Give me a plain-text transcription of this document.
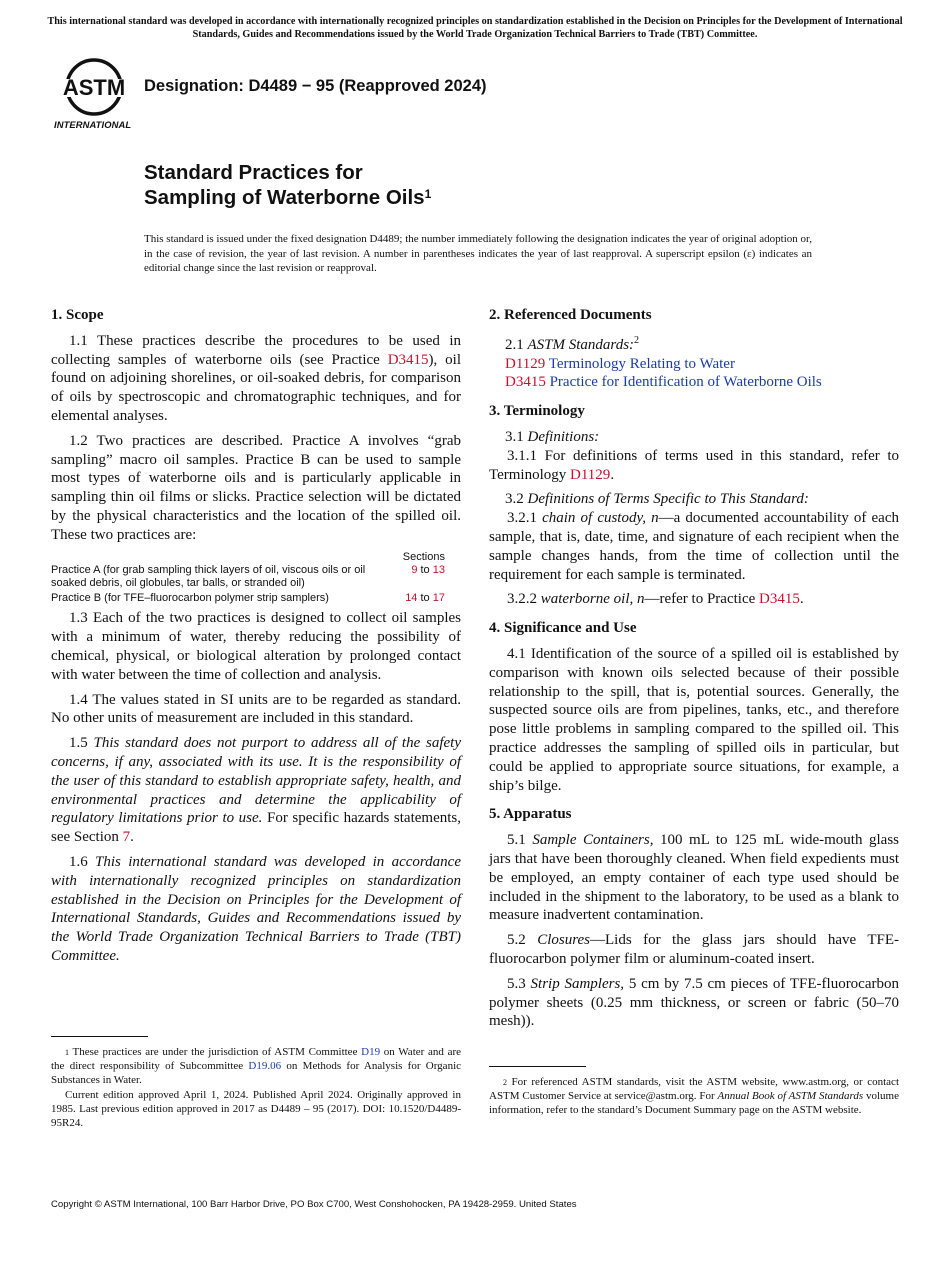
This international standard was developed in accordance with internationally recognized principles on standardization established in the Decision on Principles for the Development of International Standards, Guides and Recommendations issued by the World Trade Organization Technical Barriers to Trade (TBT) Committee.
ASTM
INTERNATIONAL
Designation: D4489 − 95 (Reapproved 2024)
Standard Practices for
Sampling of Waterborne Oils$^1$
This standard is issued under the fixed designation D4489; the number immediately following the designation indicates the year of original adoption or, in the case of revision, the year of last revision. A number in parentheses indicates the year of last reapproval. A superscript epsilon (ε) indicates an editorial change since the last revision or reapproval.
1. Scope

1.1 These practices describe the procedures to be used in collecting samples of waterborne oils (see Practice D3415), oil found on adjoining shorelines, or oil-soaked debris, for comparison of oils by spectroscopic and chromatographic techniques, and for elemental analyses.

1.2 Two practices are described. Practice A involves “grab sampling” macro oil samples. Practice B can be used to sample most types of waterborne oils and is particularly applicable in sampling thin oil films or slicks. Practice selection will be dictated by the physical characteristics and the location of the spilled oil. These two practices are:

Sections
Practice A (for grab sampling thick layers of oil, viscous oils or oil soaked debris, oil globules, tar balls, or stranded oil)
9 to 13
Practice B (for TFE–fluorocarbon polymer strip samplers)	14 to 17

1.3 Each of the two practices is designed to collect oil samples with a minimum of water, thereby reducing the possibility of chemical, physical, or biological alteration by prolonged contact with water between the time of collection and analysis.

1.4 The values stated in SI units are to be regarded as standard. No other units of measurement are included in this standard.

1.5 This standard does not purport to address all of the safety concerns, if any, associated with its use. It is the responsibility of the user of this standard to establish appropriate safety, health, and environmental practices and determine the applicability of regulatory limitations prior to use. For specific hazards statements, see Section 7.

1.6 This international standard was developed in accordance with internationally recognized principles on standardization established in the Decision on Principles for the Development of International Standards, Guides and Recommendations issued by the World Trade Organization Technical Barriers to Trade (TBT) Committee.

2. Referenced Documents
2.1 ASTM Standards:$^2$
D1129 Terminology Relating to Water
D3415 Practice for Identification of Waterborne Oils
3. Terminology
3.1 Definitions:

3.1.1 For definitions of terms used in this standard, refer to Terminology D1129.

3.2 Definitions of Terms Specific to This Standard:

3.2.1 chain of custody, n—a documented accountability of each sample, that is, date, time, and signature of each recipient when the sample changes hands, from the time of collection until the requirement for each sample is terminated.

3.2.2 waterborne oil, n—refer to Practice D3415.

4. Significance and Use

4.1 Identification of the source of a spilled oil is established by comparison with known oils selected because of their possible relationship to the spill, that is, potential sources. Generally, the suspected source oils are from pipelines, tanks, etc., and therefore pose little problems in sampling compared to the spilled oil. This practice addresses the sampling of spilled oils in particular, but could be applied to appropriate source situations, for example, a ship’s bilge.

5. Apparatus

5.1 Sample Containers, 100 mL to 125 mL wide-mouth glass jars that have been thoroughly cleaned. When field expedients must be employed, an empty container of each type used should be included in the shipment to the laboratory, to be used as a blank to measure inadvertent contamination.

5.2 Closures—Lids for the glass jars should have TFE-fluorocarbon polymer film or aluminum-coated insert.

5.3 Strip Samplers, 5 cm by 7.5 cm pieces of TFE-fluorocarbon polymer sheets (0.25 mm thickness, or screen or fabric (50–70 mesh)).

$^1$ These practices are under the jurisdiction of ASTM Committee D19 on Water and are the direct responsibility of Subcommittee D19.06 on Methods for Analysis for Organic Substances in Water.

Current edition approved April 1, 2024. Published April 2024. Originally approved in 1985. Last previous edition approved in 2017 as D4489 – 95 (2017). DOI: 10.1520/D4489-95R24.

$^2$ For referenced ASTM standards, visit the ASTM website, www.astm.org, or contact ASTM Customer Service at service@astm.org. For Annual Book of ASTM Standards volume information, refer to the standard’s Document Summary page on the ASTM website.

Copyright © ASTM International, 100 Barr Harbor Drive, PO Box C700, West Conshohocken, PA 19428-2959. United States
